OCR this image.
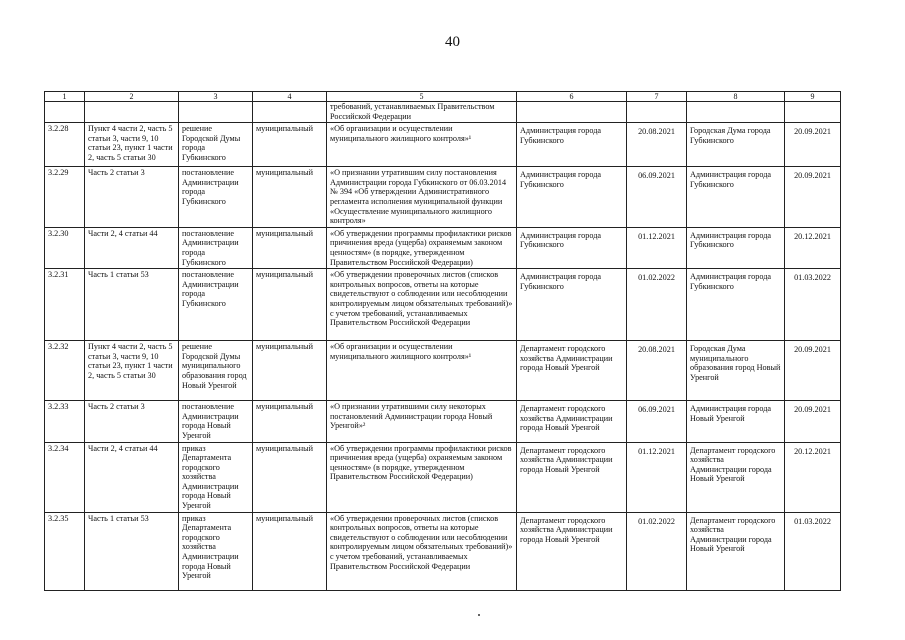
40
1	2	3	4	5	6	7	8	9
				требований, устанавливаемых Правительством Российской Федерации				
3.2.28	Пункт 4 части 2, часть 5 статьи 3, части 9, 10 статьи 23, пункт 1 части 2, часть 5 статьи 30	решение Городской Думы города Губкинского	муниципальный	«Об организации и осуществлении муниципального жилищного контроля»¹	Администрация города Губкинского	20.08.2021	Городская Дума города Губкинского	20.09.2021
3.2.29	Часть 2 статьи 3	постановление Администрации города Губкинского	муниципальный	«О признании утратившим силу постановления Администрации города Губкинского от 06.03.2014 № 394 «Об утверждении Административного регламента исполнения муниципальной функции «Осуществление муниципального жилищного контроля»	Администрация города Губкинского	06.09.2021	Администрация города Губкинского	20.09.2021
3.2.30	Части 2, 4 статьи 44	постановление Администрации города Губкинского	муниципальный	«Об утверждении программы профилактики рисков причинения вреда (ущерба) охраняемым законом ценностям» (в порядке, утвержденном Правительством Российской Федерации)	Администрация города Губкинского	01.12.2021	Администрация города Губкинского	20.12.2021
3.2.31	Часть 1 статьи 53	постановление Администрации города Губкинского	муниципальный	«Об утверждении проверочных листов (списков контрольных вопросов, ответы на которые свидетельствуют о соблюдении или несоблюдении контролируемым лицом обязательных требований)» с учетом требований, устанавливаемых Правительством Российской Федерации	Администрация города Губкинского	01.02.2022	Администрация города Губкинского	01.03.2022
3.2.32	Пункт 4 части 2, часть 5 статьи 3, части 9, 10 статьи 23, пункт 1 части 2, часть 5 статьи 30	решение Городской Думы муниципального образования город Новый Уренгой	муниципальный	«Об организации и осуществлении муниципального жилищного контроля»¹	Департамент городского хозяйства Администрации города Новый Уренгой	20.08.2021	Городская Дума муниципального образования город Новый Уренгой	20.09.2021
3.2.33	Часть 2 статьи 3	постановление Администрации города Новый Уренгой	муниципальный	«О признании утратившими силу некоторых постановлений Администрации города Новый Уренгой»²	Департамент городского хозяйства Администрации города Новый Уренгой	06.09.2021	Администрация города Новый Уренгой	20.09.2021
3.2.34	Части 2, 4 статьи 44	приказ Департамента городского хозяйства Администрации города Новый Уренгой	муниципальный	«Об утверждении программы профилактики рисков причинения вреда (ущерба) охраняемым законом ценностям» (в порядке, утвержденном Правительством Российской Федерации)	Департамент городского хозяйства Администрации города Новый Уренгой	01.12.2021	Департамент городского хозяйства Администрации города Новый Уренгой	20.12.2021
3.2.35	Часть 1 статьи 53	приказ Департамента городского хозяйства Администрации города Новый Уренгой	муниципальный	«Об утверждении проверочных листов (списков контрольных вопросов, ответы на которые свидетельствуют о соблюдении или несоблюдении контролируемым лицом обязательных требований)» с учетом требований, устанавливаемых Правительством Российской Федерации	Департамент городского хозяйства Администрации города Новый Уренгой	01.02.2022	Департамент городского хозяйства Администрации города Новый Уренгой	01.03.2022
